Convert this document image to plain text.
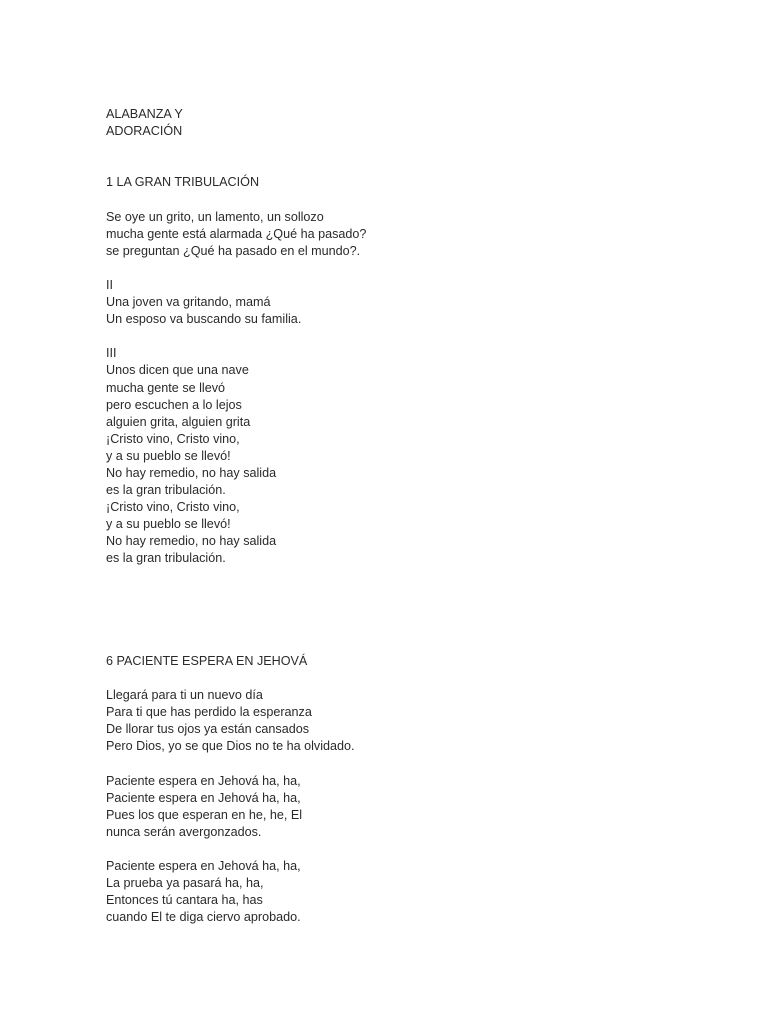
ALABANZA Y
ADORACIÓN
1 LA GRAN TRIBULACIÓN
Se oye un grito, un lamento, un sollozo
mucha gente está alarmada ¿Qué ha pasado?
se preguntan ¿Qué ha pasado en el mundo?.
II
Una joven va gritando, mamá
Un esposo va buscando su familia.
III
Unos dicen que una nave
mucha gente se llevó
pero escuchen a lo lejos
alguien grita, alguien grita
¡Cristo vino, Cristo vino,
y a su pueblo se llevó!
No hay remedio, no hay salida
es la gran tribulación.
¡Cristo vino, Cristo vino,
y a su pueblo se llevó!
No hay remedio, no hay salida
es la gran tribulación.
6 PACIENTE ESPERA EN JEHOVÁ
Llegará para ti un nuevo día
Para ti que has perdido la esperanza
De llorar tus ojos ya están cansados
Pero Dios, yo se que Dios no te ha olvidado.
Paciente espera en Jehová ha, ha,
Paciente espera en Jehová ha, ha,
Pues los que esperan en he, he, El
nunca serán avergonzados.
Paciente espera en Jehová ha, ha,
La prueba ya pasará ha, ha,
Entonces tú cantara ha, has
cuando El te diga ciervo aprobado.
